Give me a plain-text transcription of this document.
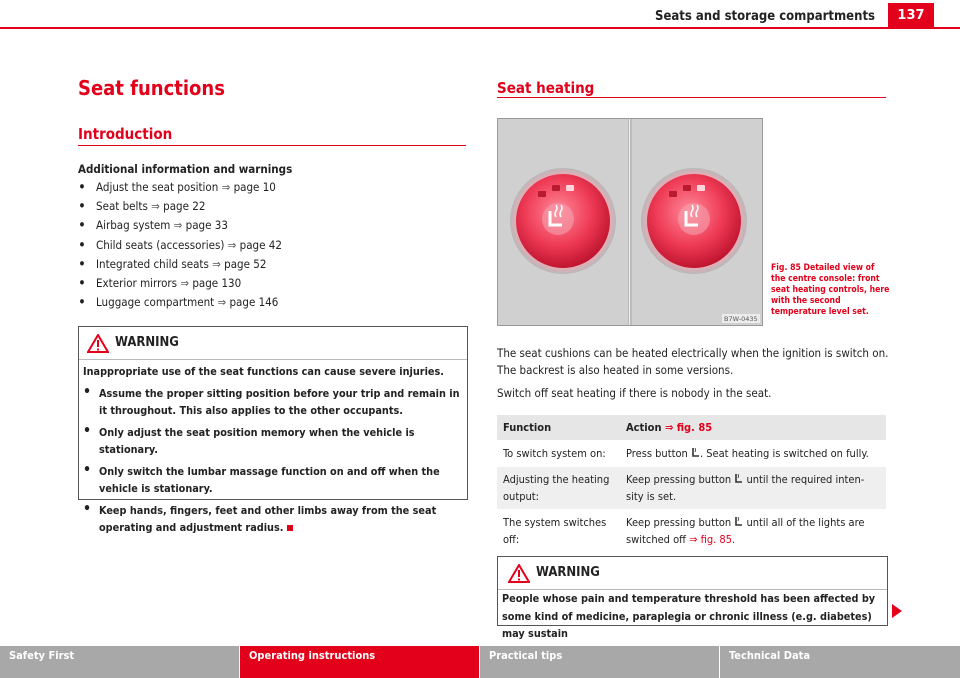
Seats and storage compartments	137
Seat functions
Introduction
Additional information and warnings
• Adjust the seat position ⇒ page 10
• Seat belts ⇒ page 22
• Airbag system ⇒ page 33
• Child seats (accessories) ⇒ page 42
• Integrated child seats ⇒ page 52
• Exterior mirrors ⇒ page 130
• Luggage compartment ⇒ page 146
WARNING

Inappropriate use of the seat functions can cause severe injuries.

• Assume the proper sitting position before your trip and remain in it throughout. This also applies to the other occupants.

• Only adjust the seat position memory when the vehicle is stationary.

• Only switch the lumbar massage function on and off when the vehicle is stationary.

• Keep hands, fingers, feet and other limbs away from the seat operating and adjustment radius.

Seat heating
B7W-0435
Fig. 85 Detailed view of the centre console: front seat heating controls, here with the second temperature level set.
The seat cushions can be heated electrically when the ignition is switch on. The backrest is also heated in some versions.
Switch off seat heating if there is nobody in the seat.
Function	Action ⇒ fig. 85
To switch system on:	Press button . Seat heating is switched on fully.
Adjusting the heating output:	Keep pressing button until the required inten-sity is set.
The system switches off:	Keep pressing button until all of the lights are switched off ⇒ fig. 85.
WARNING
People whose pain and temperature threshold has been affected by some kind of medicine, paraplegia or chronic illness (e.g. diabetes) may sustain
Safety First	Operating instructions	Practical tips	Technical Data
